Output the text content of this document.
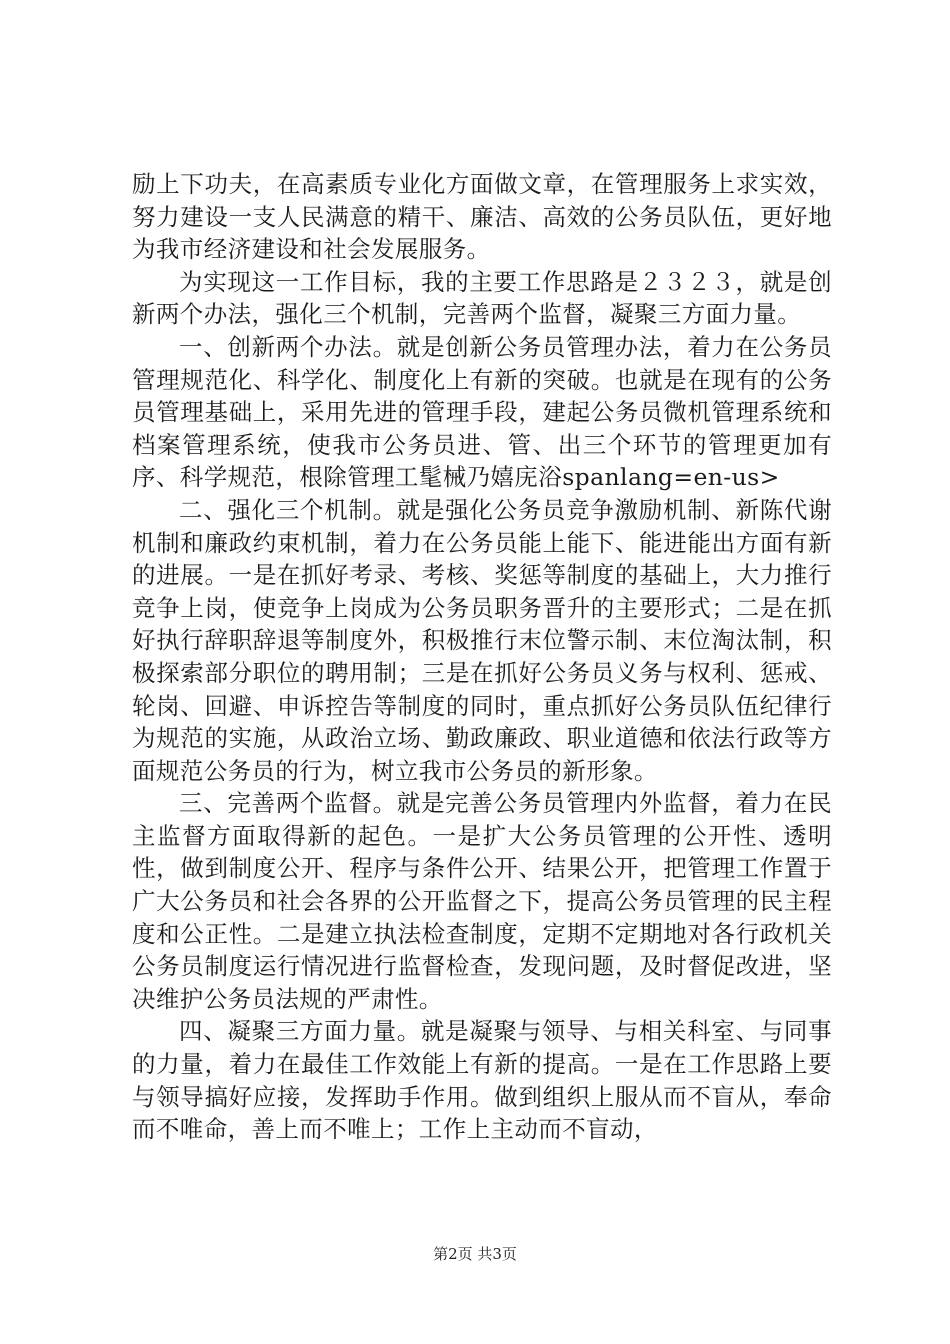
励上下功夫，在高素质专业化方面做文章，在管理服务上求实效，努力建设一支人民满意的精干、廉洁、高效的公务员队伍，更好地为我市经济建设和社会发展服务。

为实现这一工作目标，我的主要工作思路是２３２３，就是创新两个办法，强化三个机制，完善两个监督，凝聚三方面力量。

一、创新两个办法。就是创新公务员管理办法，着力在公务员管理规范化、科学化、制度化上有新的突破。也就是在现有的公务员管理基础上，采用先进的管理手段，建起公务员微机管理系统和档案管理系统，使我市公务员进、管、出三个环节的管理更加有序、科学规范，根除管理工髦械乃嬉庑浴spanlang=en-us>

二、强化三个机制。就是强化公务员竞争激励机制、新陈代谢机制和廉政约束机制，着力在公务员能上能下、能进能出方面有新的进展。一是在抓好考录、考核、奖惩等制度的基础上，大力推行竞争上岗，使竞争上岗成为公务员职务晋升的主要形式；二是在抓好执行辞职辞退等制度外，积极推行末位警示制、末位淘汰制，积极探索部分职位的聘用制；三是在抓好公务员义务与权利、惩戒、轮岗、回避、申诉控告等制度的同时，重点抓好公务员队伍纪律行为规范的实施，从政治立场、勤政廉政、职业道德和依法行政等方面规范公务员的行为，树立我市公务员的新形象。

三、完善两个监督。就是完善公务员管理内外监督，着力在民主监督方面取得新的起色。一是扩大公务员管理的公开性、透明性，做到制度公开、程序与条件公开、结果公开，把管理工作置于广大公务员和社会各界的公开监督之下，提高公务员管理的民主程度和公正性。二是建立执法检查制度，定期不定期地对各行政机关公务员制度运行情况进行监督检查，发现问题，及时督促改进，坚决维护公务员法规的严肃性。

四、凝聚三方面力量。就是凝聚与领导、与相关科室、与同事的力量，着力在最佳工作效能上有新的提高。一是在工作思路上要与领导搞好应接，发挥助手作用。做到组织上服从而不盲从，奉命而不唯命，善上而不唯上；工作上主动而不盲动，

第2页 共3页
